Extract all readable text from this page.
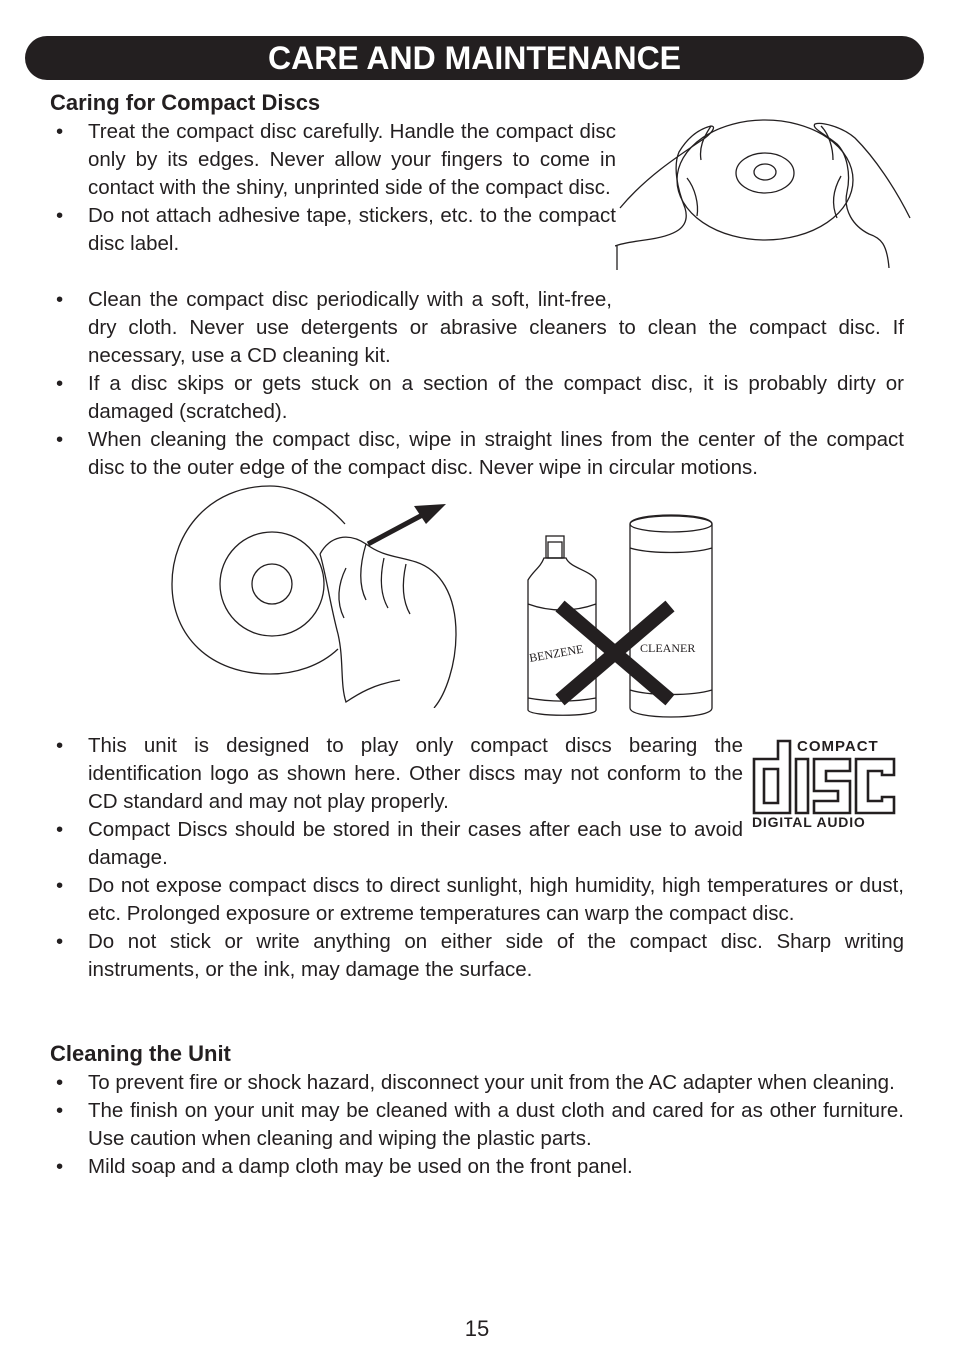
CARE AND MAINTENANCE
Caring for Compact Discs
• Treat the compact disc carefully. Handle the compact disc only by its edges. Never allow your fingers to come in contact with the shiny, unprinted side of the compact disc.
• Do not attach adhesive tape, stickers, etc. to the compact disc label.
• Clean the compact disc periodically with a soft, lint-free, dry cloth. Never use detergents or abrasive cleaners to clean the compact disc. If necessary, use a CD cleaning kit.
• If a disc skips or gets stuck on a section of the compact disc, it is probably dirty or damaged (scratched).
• When cleaning the compact disc, wipe in straight lines from the center of the compact disc to the outer edge of the compact disc. Never wipe in circular motions.
BENZENE	CLEANER
• This unit is designed to play only compact discs bearing the identification logo as shown here. Other discs may not conform to the CD standard and may not play properly.
• Compact Discs should be stored in their cases after each use to avoid damage.
• Do not expose compact discs to direct sunlight, high humidity, high temperatures or dust, etc. Prolonged exposure or extreme temperatures can warp the compact disc.
• Do not stick or write anything on either side of the compact disc. Sharp writing instruments, or the ink, may damage the surface.
COMPACT
DIGITAL AUDIO
disc
Cleaning the Unit
• To prevent fire or shock hazard, disconnect your unit from the AC adapter when cleaning.
• The finish on your unit may be cleaned with a dust cloth and cared for as other furniture. Use caution when cleaning and wiping the plastic parts.
• Mild soap and a damp cloth may be used on the front panel.
15
